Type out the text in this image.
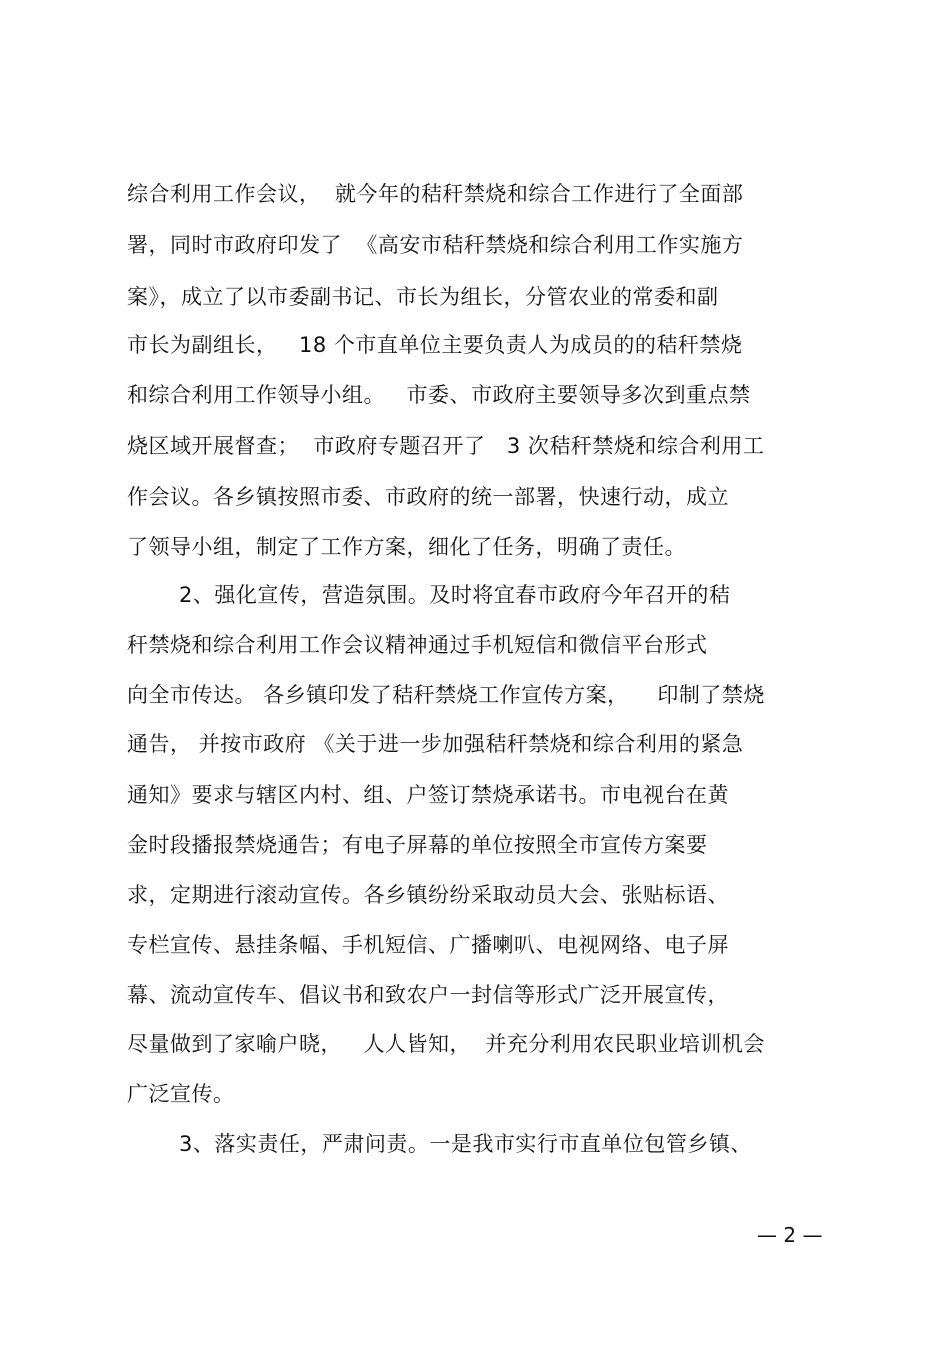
综合利用工作会议，  就今年的秸秆禁烧和综合工作进行了全面部
署，同时市政府印发了  《高安市秸秆禁烧和综合利用工作实施方
案》，成立了以市委副书记、市长为组长，分管农业的常委和副
市长为副组长，   18 个市直单位主要负责人为成员的的秸秆禁烧
和综合利用工作领导小组。   市委、市政府主要领导多次到重点禁
烧区域开展督查；  市政府专题召开了   3 次秸秆禁烧和综合利用工
作会议。各乡镇按照市委、市政府的统一部署，快速行动，成立
了领导小组，制定了工作方案，细化了任务，明确了责任。
2、强化宣传，营造氛围。及时将宜春市政府今年召开的秸
秆禁烧和综合利用工作会议精神通过手机短信和微信平台形式
向全市传达。 各乡镇印发了秸秆禁烧工作宣传方案，    印制了禁烧
通告， 并按市政府 《关于进一步加强秸秆禁烧和综合利用的紧急
通知》要求与辖区内村、组、户签订禁烧承诺书。市电视台在黄
金时段播报禁烧通告；有电子屏幕的单位按照全市宣传方案要
求，定期进行滚动宣传。各乡镇纷纷采取动员大会、张贴标语、
专栏宣传、悬挂条幅、手机短信、广播喇叭、电视网络、电子屏
幕、流动宣传车、倡议书和致农户一封信等形式广泛开展宣传，
尽量做到了家喻户晓，   人人皆知，  并充分利用农民职业培训机会
广泛宣传。
3、落实责任，严肃问责。一是我市实行市直单位包管乡镇、
— 2 —
